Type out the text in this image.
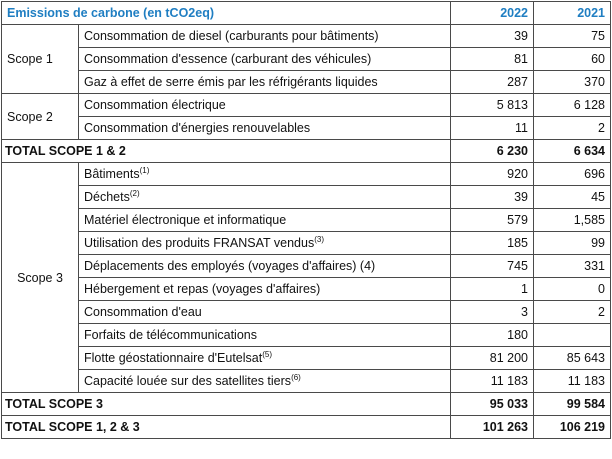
Emissions de carbone (en tCO2eq)		2022	2021
Scope 1	Consommation de diesel (carburants pour bâtiments)	39	75
	Consommation d'essence (carburant des véhicules)	81	60
	Gaz à effet de serre émis par les réfrigérants liquides	287	370
Scope 2	Consommation électrique	5 813	6 128
	Consommation d'énergies renouvelables	11	2
TOTAL SCOPE 1 & 2		6 230	6 634
Scope 3	Bâtiments$^{(1)}$	920	696
	Déchets$^{(2)}$	39	45
	Matériel électronique et informatique	579	1,585
	Utilisation des produits FRANSAT vendus$^{(3)}$	185	99
	Déplacements des employés (voyages d'affaires) (4)	745	331
	Hébergement et repas (voyages d'affaires)	1	0
	Consommation d'eau	3	2
	Forfaits de télécommunications	180	
	Flotte géostationnaire d'Eutelsat$^{(5)}$	81 200	85 643
	Capacité louée sur des satellites tiers$^{(6)}$	11 183	11 183
TOTAL SCOPE 3		95 033	99 584
TOTAL SCOPE 1, 2 & 3		101 263	106 219
